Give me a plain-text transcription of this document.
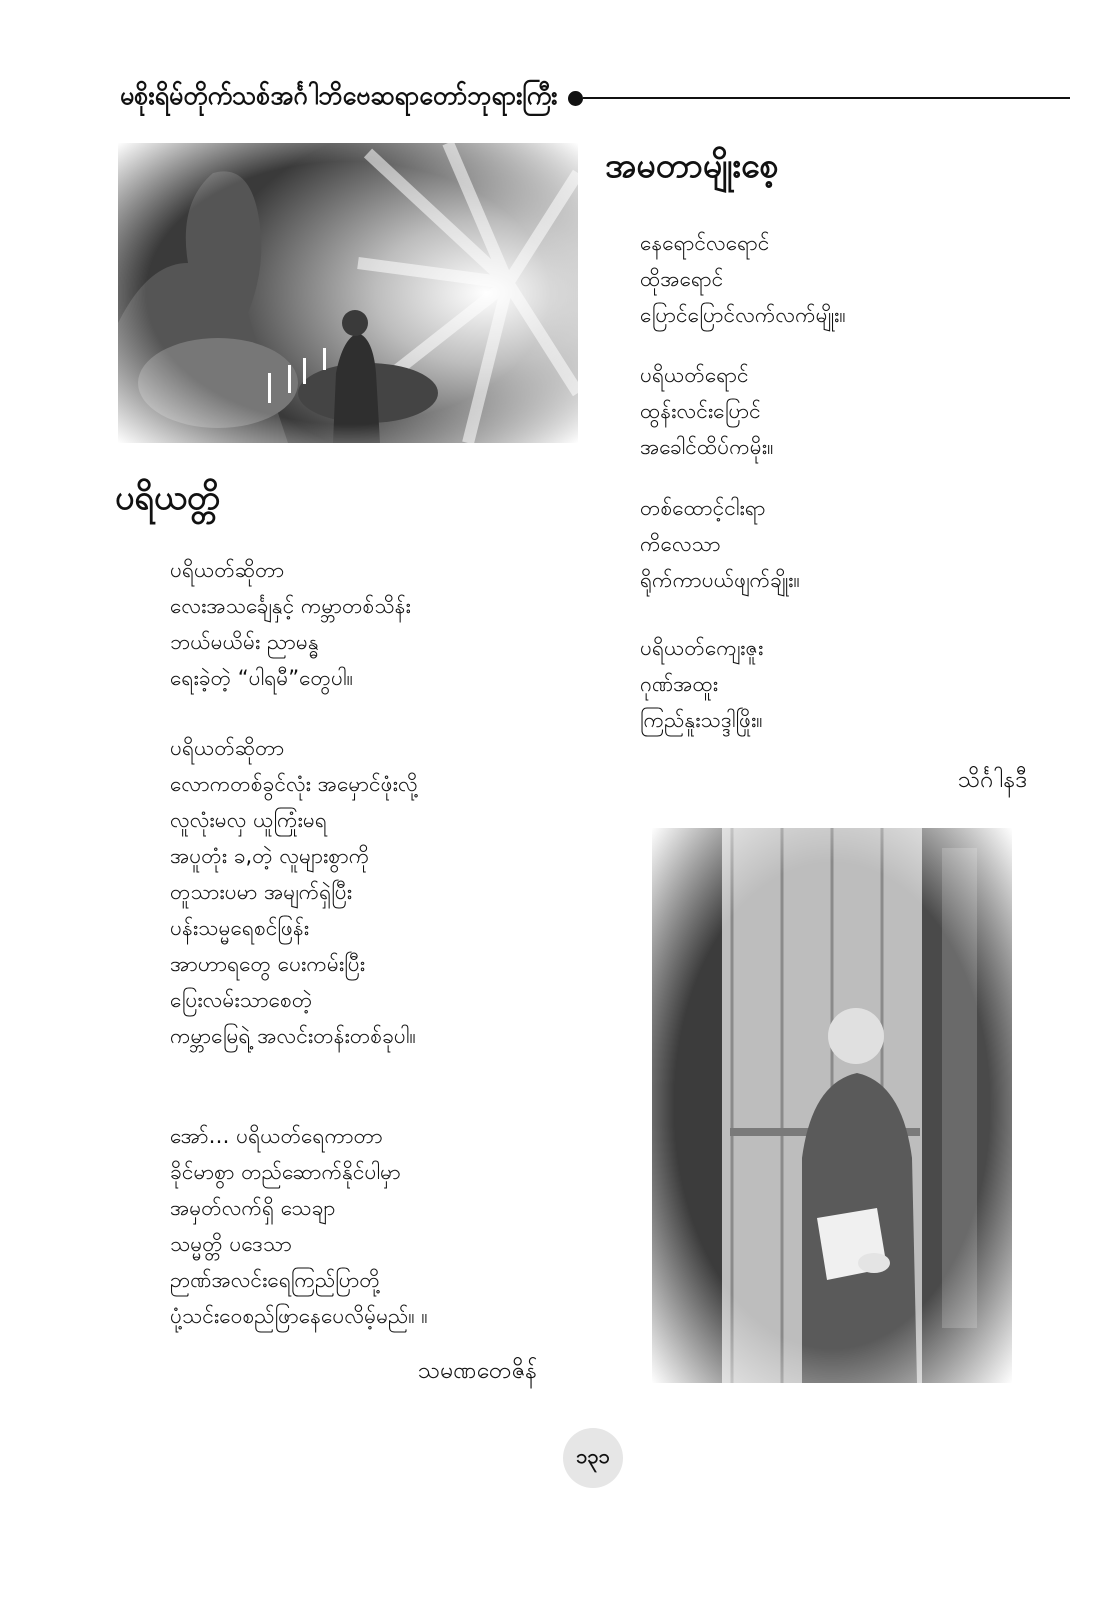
မစိုးရိမ်တိုက်သစ်အင်္ဂါဘိဗေဆရာတော်ဘုရားကြီး
ပရိယတ္တိ
ပရိယတ်ဆိုတာ
လေးအသင်္ချေနှင့် ကမ္ဘာတစ်သိန်း
ဘယ်မယိမ်း ညာမန္ဓ
ရေးခဲ့တဲ့ “ပါရမီ”တွေပါ။
ပရိယတ်ဆိုတာ
လောကတစ်ခွင်လုံး အမှောင်ဖုံးလို့
လူလုံးမလှ ယူကြုံးမရ
အပူတုံး ခ,တဲ့ လူများစွာကို
တူသားပမာ အမျက်ရှဲပြီး
ပန်းသမ္မရေစင်ဖြန်း
အာဟာရတွေ ပေးကမ်းပြီး
ပြေးလမ်းသာစေတဲ့
ကမ္ဘာမြေရဲ့ အလင်းတန်းတစ်ခုပါ။
အော်… ပရိယတ်ရေကာတာ
ခိုင်မာစွာ တည်ဆောက်နိုင်ပါမှာ
အမှတ်လက်ရှိ သေချာ
သမ္မတ္တိ ပဒေသာ
ဉာဏ်အလင်းရေကြည်ပြာတို့
ပုံ့သင်းဝေစည်ဖြာနေပေလိမ့်မည်။ ။
သမဏတေဇိန်
အမတာမျိုးစေ့
နေရောင်လရောင်
ထိုအရောင်
ပြောင်ပြောင်လက်လက်မျိုး။
ပရိယတ်ရောင်
ထွန်းလင်းပြောင်
အခေါင်ထိပ်ကမိုး။
တစ်ထောင့်ငါးရာ
ကိလေသာ
ရိုက်ကာပယ်ဖျက်ချိုး။
ပရိယတ်ကျေးဇူး
ဂုဏ်အထူး
ကြည်နူးသဒ္ဒါဖြိုး။
သိင်္ဂါနဒီ
၁၃၁
